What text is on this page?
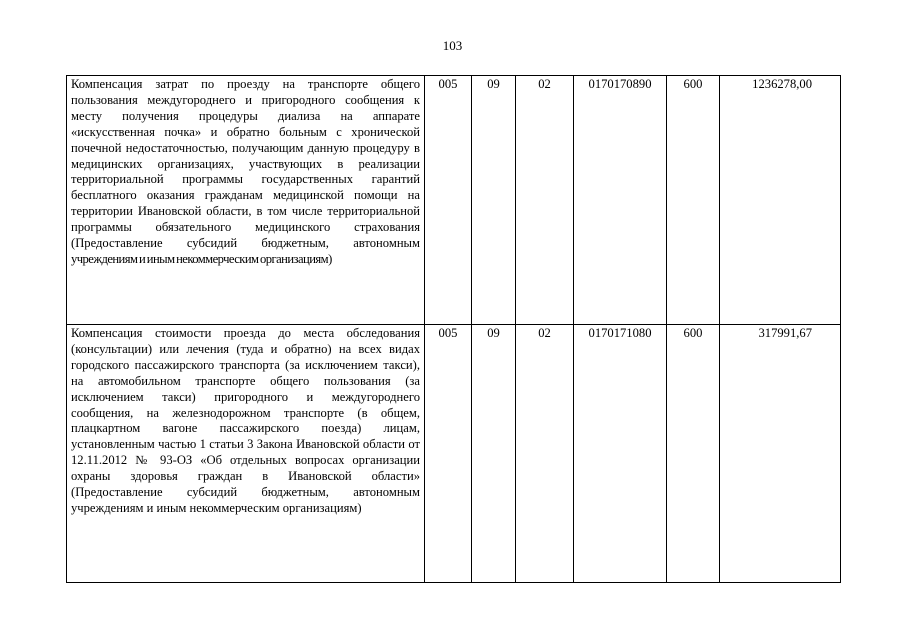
103
Компенсация затрат по проезду на транспорте общего пользования междугороднего и пригородного сообщения к месту получения процедуры диализа на аппарате «искусственная почка» и обратно больным с хронической почечной недостаточностью, получающим данную процедуру в медицинских организациях, участвующих в реализации территориальной программы государственных гарантий бесплатного оказания гражданам медицинской помощи на территории Ивановской области, в том числе территориальной программы обязательного медицинского страхования (Предоставление субсидий бюджетным, автономным учреждениям и иным некоммерческим организациям)	005	09	02	0170170890	600	1236278,00
Компенсация стоимости проезда до места обследования (консультации) или лечения (туда и обратно) на всех видах городского пассажирского транспорта (за исключением такси), на автомобильном транспорте общего пользования (за исключением такси) пригородного и междугороднего сообщения, на железнодорожном транспорте (в общем, плацкартном вагоне пассажирского поезда) лицам, установленным частью 1 статьи 3 Закона Ивановской области от 12.11.2012 № 93-ОЗ «Об отдельных вопросах организации охраны здоровья граждан в Ивановской области» (Предоставление субсидий бюджетным, автономным учреждениям и иным некоммерческим организациям)	005	09	02	0170171080	600	317991,67
